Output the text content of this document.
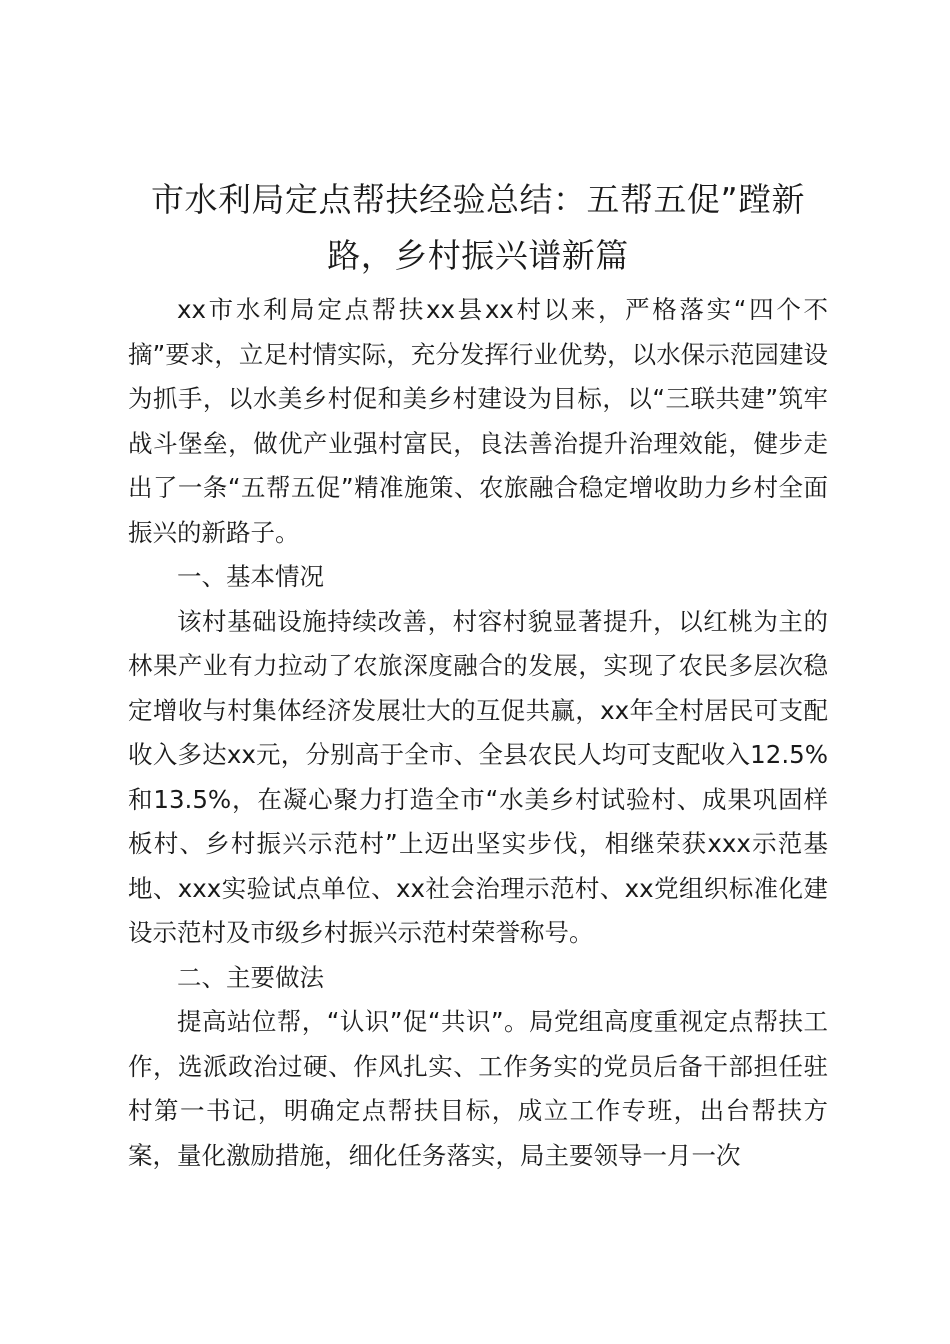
市水利局定点帮扶经验总结：五帮五促”蹚新路，乡村振兴谱新篇

xx市水利局定点帮扶xx县xx村以来，严格落实“四个不摘”要求，立足村情实际，充分发挥行业优势，以水保示范园建设为抓手，以水美乡村促和美乡村建设为目标，以“三联共建”筑牢战斗堡垒，做优产业强村富民，良法善治提升治理效能，健步走出了一条“五帮五促”精准施策、农旅融合稳定增收助力乡村全面振兴的新路子。

一、基本情况

该村基础设施持续改善，村容村貌显著提升，以红桃为主的林果产业有力拉动了农旅深度融合的发展，实现了农民多层次稳定增收与村集体经济发展壮大的互促共赢，xx年全村居民可支配收入多达xx元，分别高于全市、全县农民人均可支配收入12.5%和13.5%，在凝心聚力打造全市“水美乡村试验村、成果巩固样板村、乡村振兴示范村”上迈出坚实步伐，相继荣获xxx示范基地、xxx实验试点单位、xx社会治理示范村、xx党组织标准化建设示范村及市级乡村振兴示范村荣誉称号。

二、主要做法

提高站位帮，“认识”促“共识”。局党组高度重视定点帮扶工作，选派政治过硬、作风扎实、工作务实的党员后备干部担任驻村第一书记，明确定点帮扶目标，成立工作专班，出台帮扶方案，量化激励措施，细化任务落实，局主要领导一月一次
